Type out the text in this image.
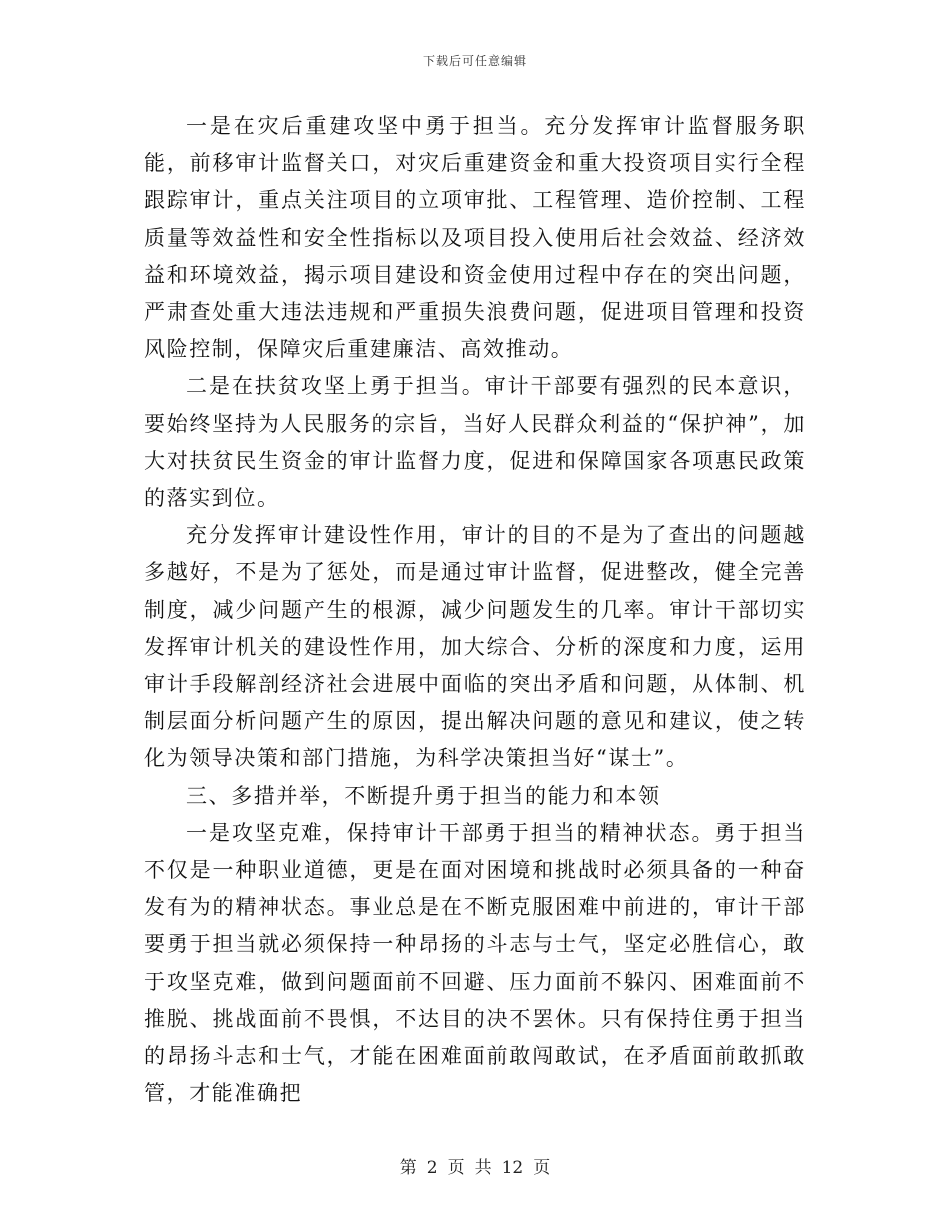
下载后可任意编辑

一是在灾后重建攻坚中勇于担当。充分发挥审计监督服务职能，前移审计监督关口，对灾后重建资金和重大投资项目实行全程跟踪审计，重点关注项目的立项审批、工程管理、造价控制、工程质量等效益性和安全性指标以及项目投入使用后社会效益、经济效益和环境效益，揭示项目建设和资金使用过程中存在的突出问题，严肃查处重大违法违规和严重损失浪费问题，促进项目管理和投资风险控制，保障灾后重建廉洁、高效推动。

二是在扶贫攻坚上勇于担当。审计干部要有强烈的民本意识，要始终坚持为人民服务的宗旨，当好人民群众利益的“保护神”，加大对扶贫民生资金的审计监督力度，促进和保障国家各项惠民政策的落实到位。

充分发挥审计建设性作用，审计的目的不是为了查出的问题越多越好，不是为了惩处，而是通过审计监督，促进整改，健全完善制度，减少问题产生的根源，减少问题发生的几率。审计干部切实发挥审计机关的建设性作用，加大综合、分析的深度和力度，运用审计手段解剖经济社会进展中面临的突出矛盾和问题，从体制、机制层面分析问题产生的原因，提出解决问题的意见和建议，使之转化为领导决策和部门措施，为科学决策担当好“谋士”。

三、多措并举，不断提升勇于担当的能力和本领

一是攻坚克难，保持审计干部勇于担当的精神状态。勇于担当不仅是一种职业道德，更是在面对困境和挑战时必须具备的一种奋发有为的精神状态。事业总是在不断克服困难中前进的，审计干部要勇于担当就必须保持一种昂扬的斗志与士气，坚定必胜信心，敢于攻坚克难，做到问题面前不回避、压力面前不躲闪、困难面前不推脱、挑战面前不畏惧，不达目的决不罢休。只有保持住勇于担当的昂扬斗志和士气，才能在困难面前敢闯敢试，在矛盾面前敢抓敢管，才能准确把

第 2 页 共 12 页
